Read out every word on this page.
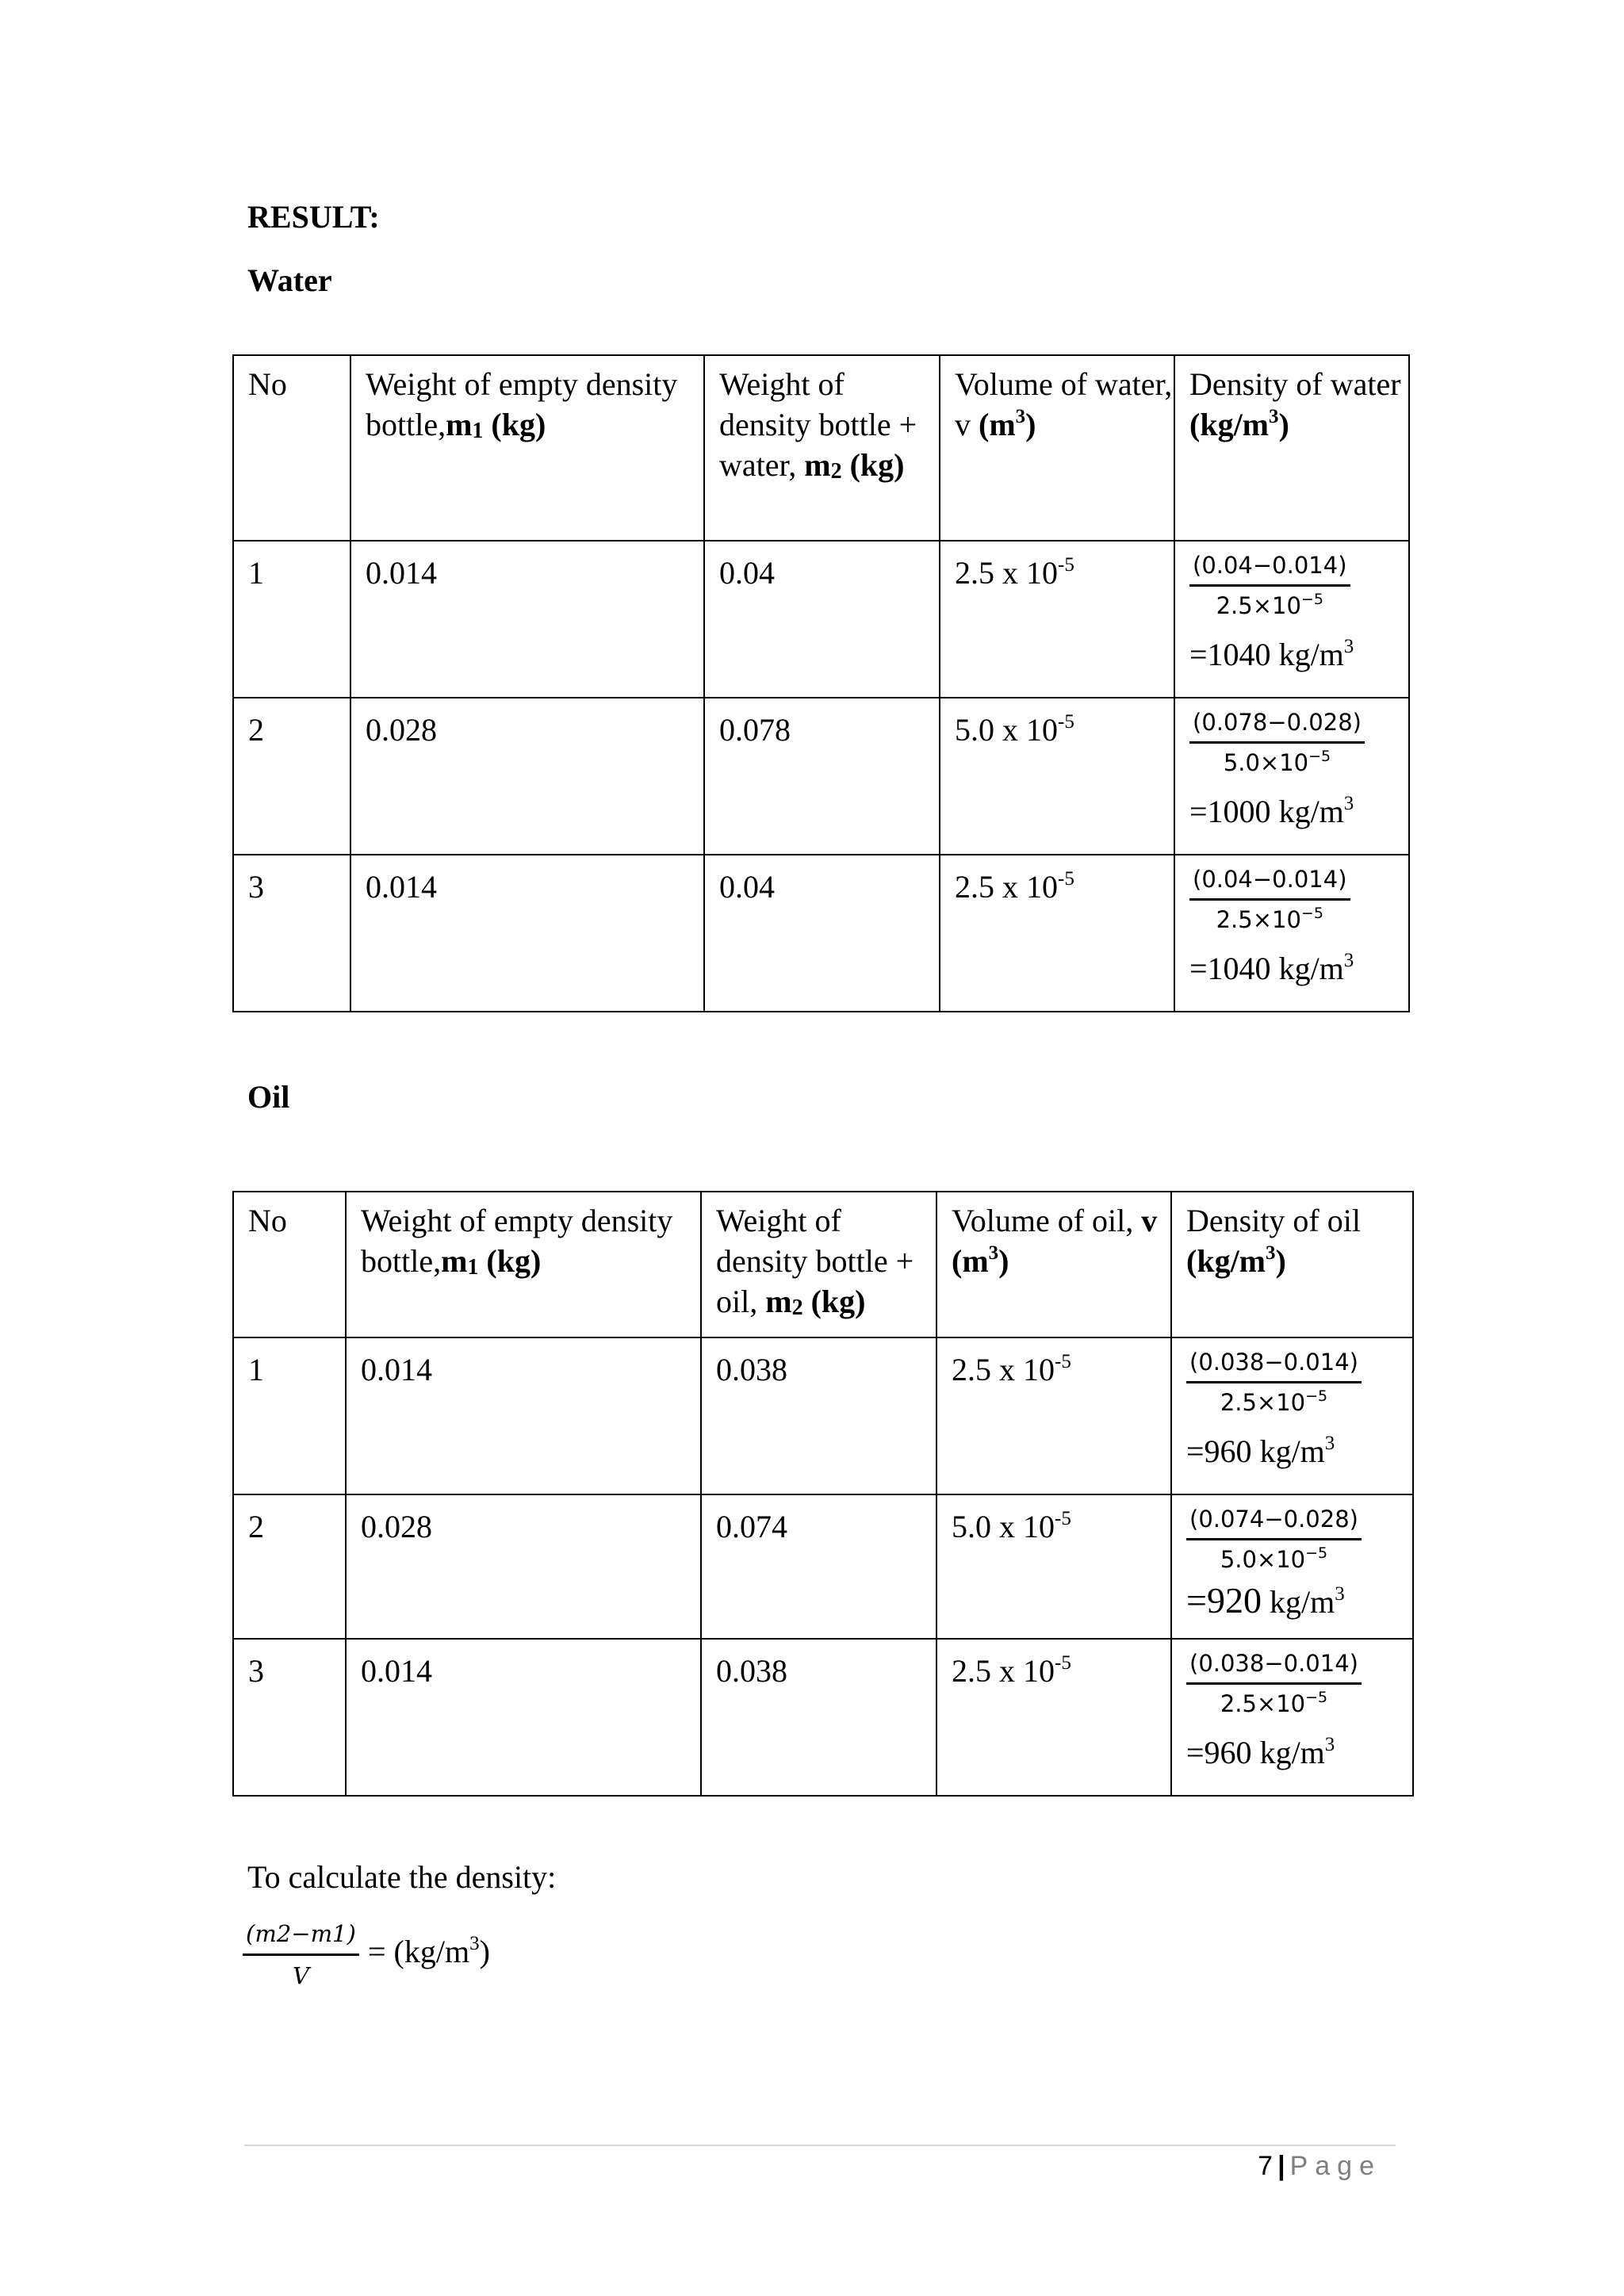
RESULT:
Water
No	Weight of empty density $bottle,m_1$ (kg)	Weight of density bottle + water, $m_2$ (kg)	Volume of water, v $(m^3)$	Density of water $(kg/m^3)$
1	0.014	0.04	2.5 x $10^{-5}$	$\frac{(0.04-0.014)}{2.5\times 10^{-5}}$
=1040 $kg/m^3$

2	0.028	0.078	5.0 x $10^{-5}$	$\frac{(0.078-0.028)}{5.0\times 10^{-5}}$
=1000 $kg/m^3$

3	0.014	0.04	2.5 x $10^{-5}$	$\frac{(0.04-0.014)}{2.5\times 10^{-5}}$
=1040 $kg/m^3$
Oil
No	Weight of empty density $bottle,m_1$ (kg)	Weight of density bottle + oil, $m_2$ (kg)	Volume of oil, v $(m^3)$	Density of oil $(kg/m^3)$
1	0.014	0.038	2.5 x $10^{-5}$	$\frac{(0.038-0.014)}{2.5\times 10^{-5}}$
=960 $kg/m^3$

2	0.028	0.074	5.0 x $10^{-5}$	$\frac{(0.074-0.028)}{5.0\times 10^{-5}}$
=920 $kg/m^3$

3	0.014	0.038	2.5 x $10^{-5}$	$\frac{(0.038-0.014)}{2.5\times 10^{-5}}$
=960 $kg/m^3$
To calculate the density:
$\frac{(m2-m1)}{V} = (kg/m^3)$
7 | Page
